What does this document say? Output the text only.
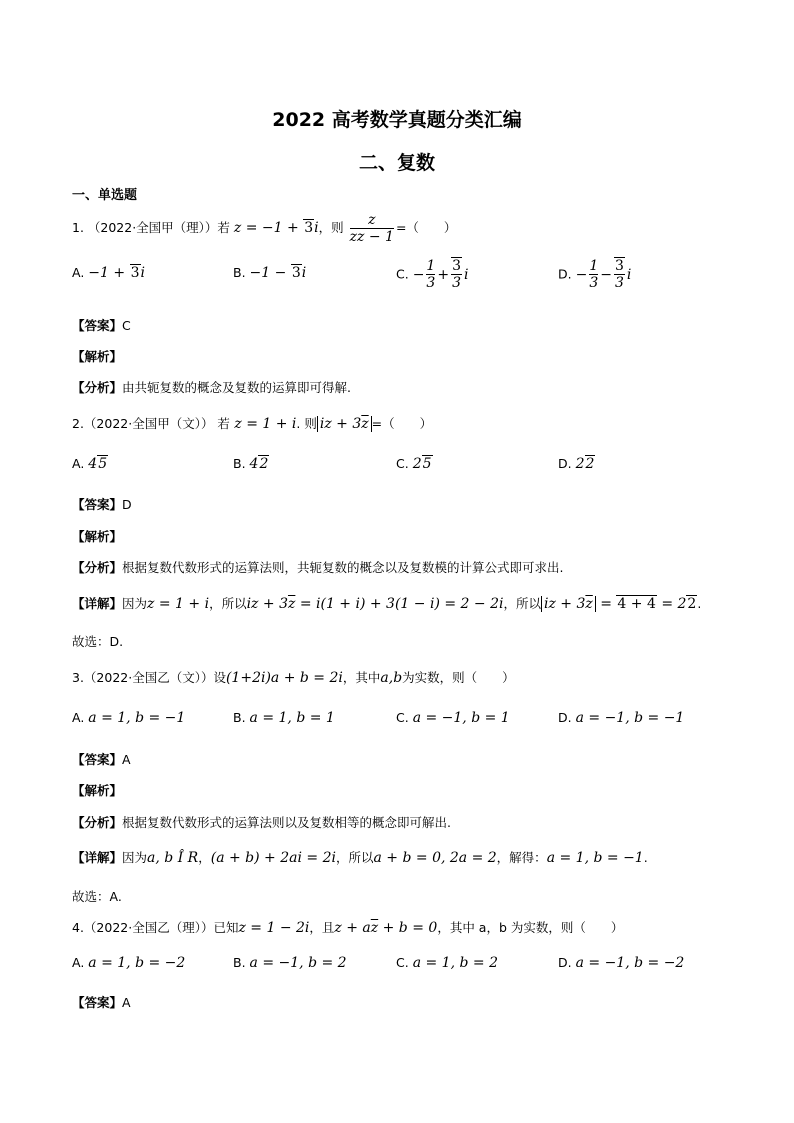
2022 高考数学真题分类汇编
二、复数
一、单选题
1. （2022·全国甲（理））若 z = −1 + 3i，则 $\frac{z}{z\overline{z} - 1}$ =（　　）
A. −1 + 3i	B. −1 − 3i	C. − $\frac{1}{3} + \frac{3}{3}$ i	D. − $\frac{1}{3} - \frac{3}{3}$ i
【答案】C
【解析】
【分析】由共轭复数的概念及复数的运算即可得解.
2.（2022·全国甲（文）） 若 z = 1 + i. 则 iz + $3\overline{z}$ =（　　）
A. 45	B. 42	C. 25	D. 22
【答案】D
【解析】
【分析】根据复数代数形式的运算法则，共轭复数的概念以及复数模的计算公式即可求出.
【详解】因为z = 1 + i，所以iz + $3\overline{z} = i(1 + i) + 3(1 - i) = 2 - 2i$，所以 iz + $3\overline{z} = 4 + 4 = 22$.
故选：D.
3.（2022·全国乙（文））设(1+2i)a + b = 2i，其中a,b为实数，则（　　）
A. a = 1, b = −1	B. a = 1, b = 1	C. a = −1, b = 1	D. a = −1, b = −1
【答案】A
【解析】
【分析】根据复数代数形式的运算法则以及复数相等的概念即可解出.
【详解】因为a, b Î R，(a + b) + 2ai = 2i，所以a + b = 0, 2a = 2，解得：a = 1, b = −1.
故选：A.
4.（2022·全国乙（理））已知z = 1 − 2i，且$z + a\overline{z} + b = 0$，其中 a，b 为实数，则（　　）
A. a = 1, b = −2	B. a = −1, b = 2	C. a = 1, b = 2	D. a = −1, b = −2
【答案】A
